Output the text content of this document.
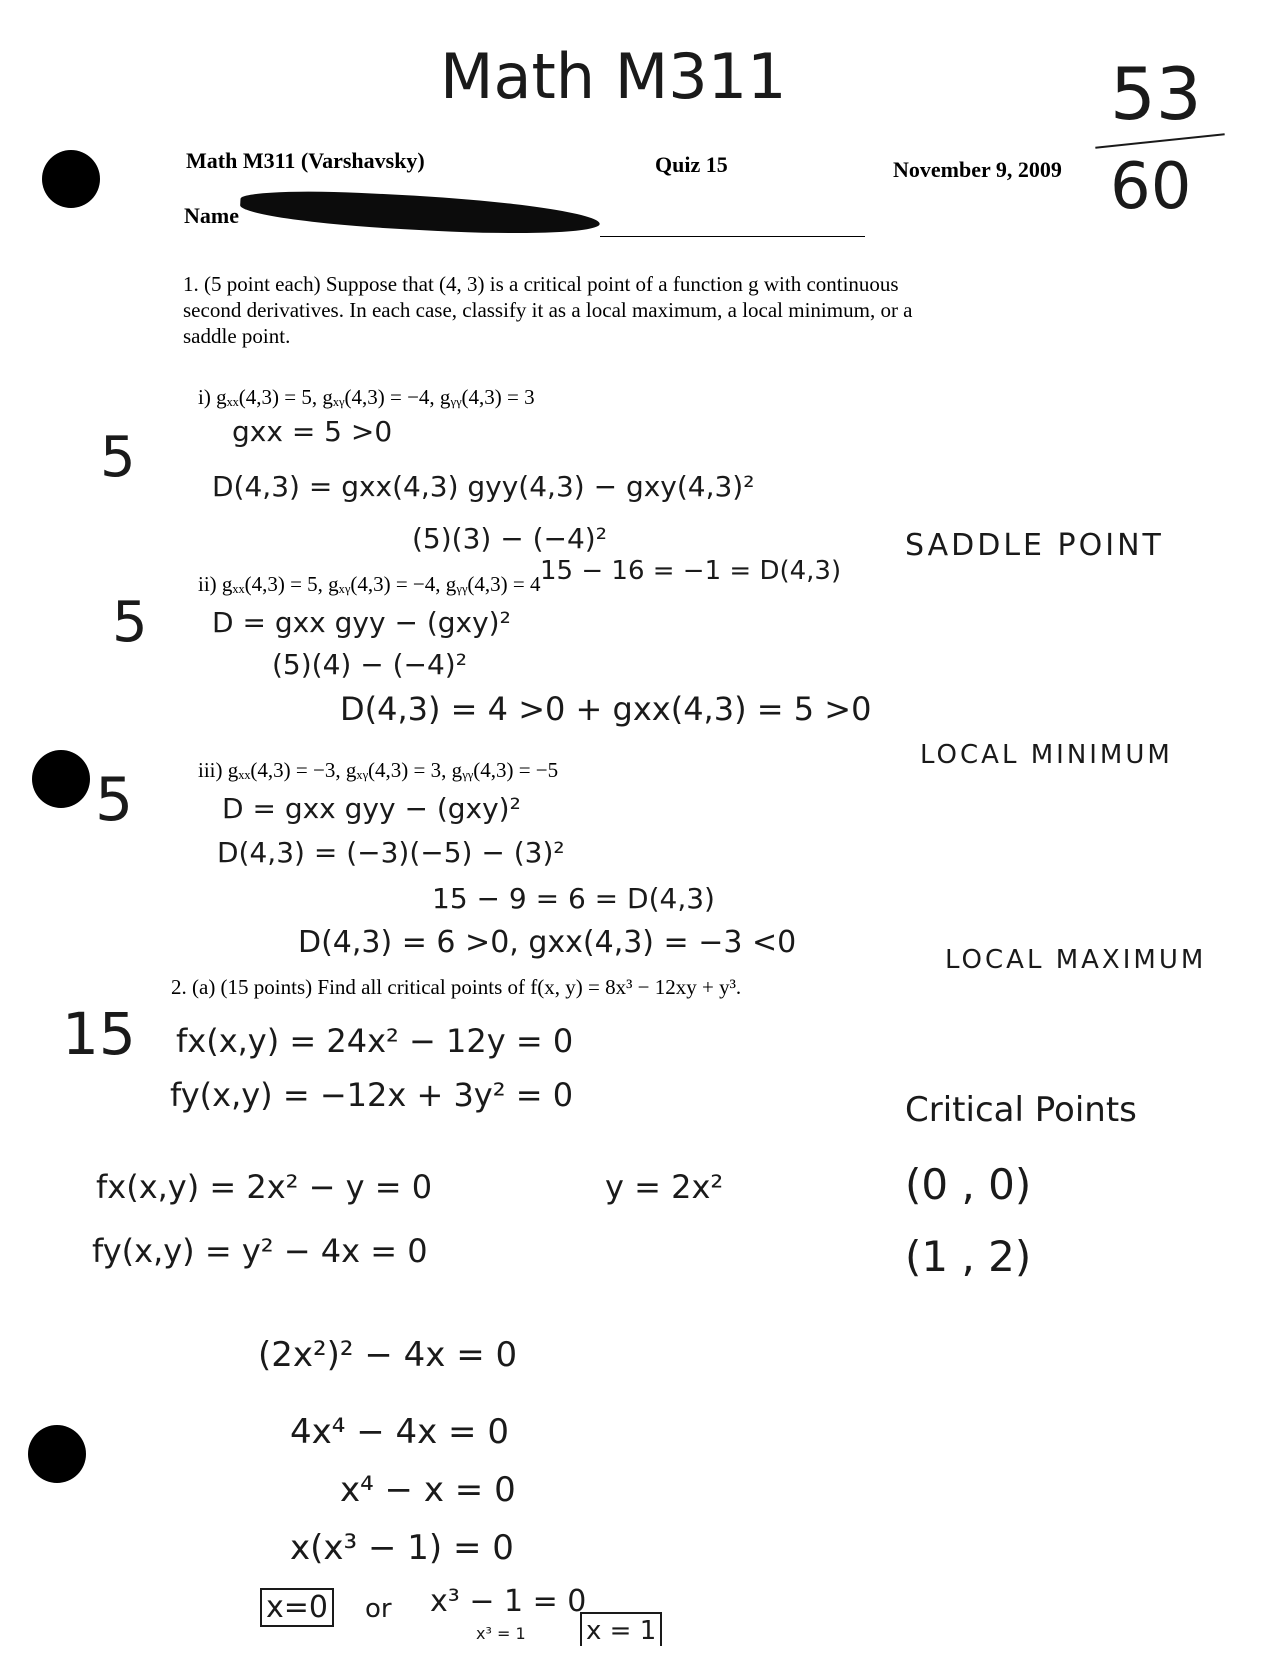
Math M311	53
60
Math M311 (Varshavsky)	Quiz 15	November 9, 2009
Name
1. (5 point each) Suppose that (4, 3) is a critical point of a function g with continuous
second derivatives. In each case, classify it as a local maximum, a local minimum, or a
saddle point.
i) gₓₓ(4,3) = 5, gₓᵧ(4,3) = −4, gᵧᵧ(4,3) = 3
5	gxx = 5 >0
D(4,3) = gxx(4,3) gyy(4,3) − gxy(4,3)²
(5)(3) − (−4)²
15 − 16 = −1 = D(4,3)
SADDLE POINT
ii) gₓₓ(4,3) = 5, gₓᵧ(4,3) = −4, gᵧᵧ(4,3) = 4
5 D = gxx gyy − (gxy)²
(5)(4) − (−4)²
D(4,3) = 4 >0 + gxx(4,3) = 5 >0
LOCAL MINIMUM
iii) gₓₓ(4,3) = −3, gₓᵧ(4,3) = 3, gᵧᵧ(4,3) = −5
5	D = gxx gyy − (gxy)²
D(4,3) = (−3)(−5) − (3)²
15 − 9 = 6 = D(4,3)
D(4,3) = 6 >0, gxx(4,3) = −3 <0	LOCAL MAXIMUM
2. (a) (15 points) Find all critical points of f(x, y) = 8x³ − 12xy + y³.
15 fx(x,y) = 24x² − 12y = 0
fy(x,y) = −12x + 3y² = 0
fx(x,y) = 2x² − y = 0	y = 2x²
fy(x,y) = y² − 4x = 0
(2x²)² − 4x = 0
4x⁴ − 4x = 0
x⁴ − x = 0
x(x³ − 1) = 0
x=0 or x³ − 1 = 0
x³ = 1 x = 1
Critical Points
(0 , 0)
(1 , 2)
